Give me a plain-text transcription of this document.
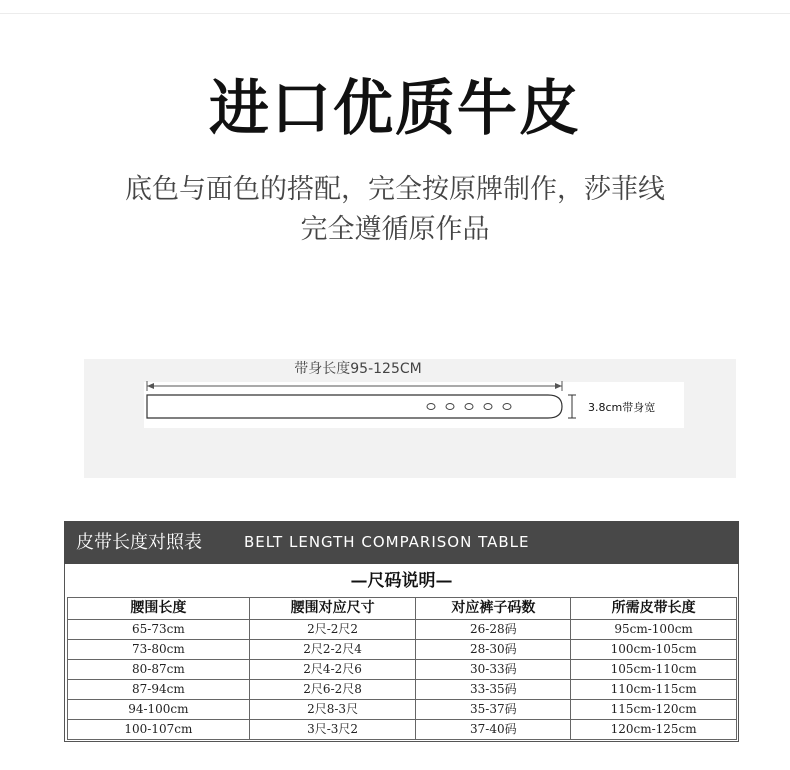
进口优质牛皮
底色与面色的搭配，完全按原牌制作，莎菲线
完全遵循原作品
带身长度95-125CM
3.8cm带身宽
皮带长度对照表	BELT LENGTH COMPARISON TABLE
—尺码说明—
腰围长度	腰围对应尺寸	对应裤子码数	所需皮带长度
65-73cm	2尺-2尺2	26-28码	95cm-100cm
73-80cm	2尺2-2尺4	28-30码	100cm-105cm
80-87cm	2尺4-2尺6	30-33码	105cm-110cm
87-94cm	2尺6-2尺8	33-35码	110cm-115cm
94-100cm	2尺8-3尺	35-37码	115cm-120cm
100-107cm	3尺-3尺2	37-40码	120cm-125cm
